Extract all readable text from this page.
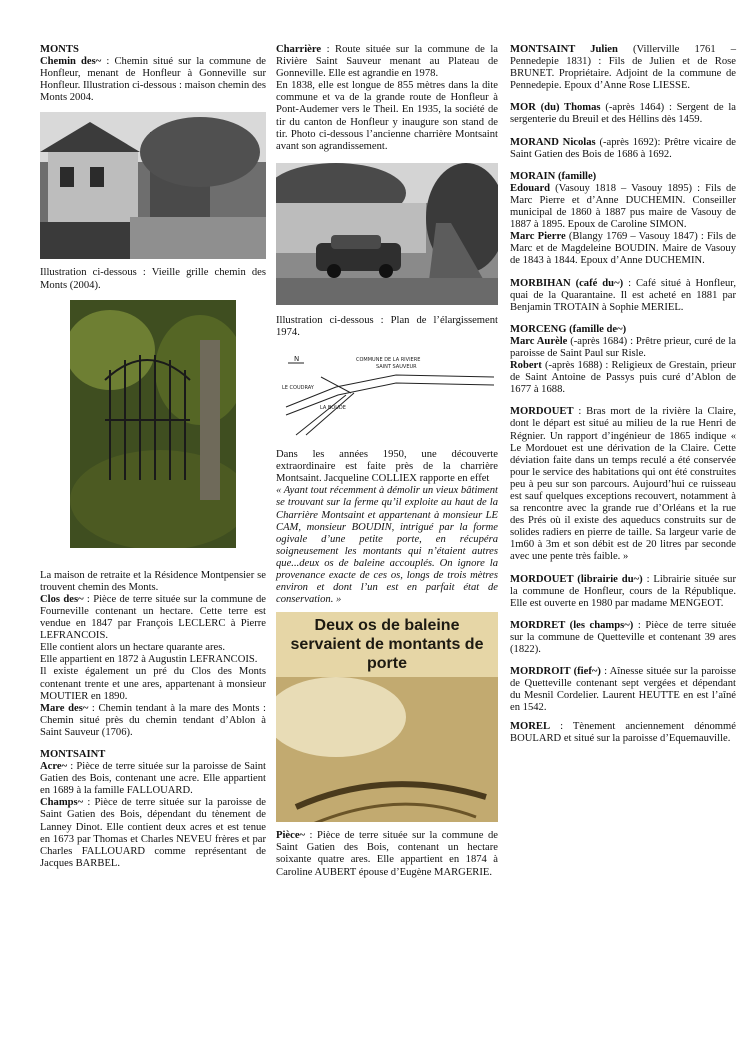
MONTS

Chemin des~ : Chemin situé sur la commune de Honfleur, menant de Honfleur à Gonneville sur Honfleur. Illustration ci-dessous : maison chemin des Monts 2004.

Illustration ci-dessous : Vieille grille chemin des Monts (2004).

La maison de retraite et la Résidence Montpensier se trouvent chemin des Monts.

Clos des~ : Pièce de terre située sur la commune de Fourneville contenant un hectare. Cette terre est vendue en 1847 par François LECLERC à Pierre LEFRANCOIS.

Elle contient alors un hectare quarante ares.

Elle appartient en 1872 à Augustin LEFRANCOIS.

Il existe également un pré du Clos des Monts contenant trente et une ares, appartenant à monsieur MOUTIER en 1890.

Mare des~ : Chemin tendant à la mare des Monts : Chemin situé près du chemin tendant d’Ablon à Saint Sauveur (1706).

MONTSAINT

Acre~ : Pièce de terre située sur la paroisse de Saint Gatien des Bois, contenant une acre. Elle appartient en 1689 à la famille FALLOUARD.

Champs~ : Pièce de terre située sur la paroisse de Saint Gatien des Bois, dépendant du tènement de Lanney Dinot. Elle contient deux acres et est tenue en 1673 par Thomas et Charles NEVEU frères et par Charles FALLOUARD comme représentant de Jacques BARBEL.

Charrière : Route située sur la commune de la Rivière Saint Sauveur menant au Plateau de Gonneville. Elle est agrandie en 1978.

En 1838, elle est longue de 855 mètres dans la dite commune et va de la grande route de Honfleur à Pont-Audemer vers le Theil. En 1935, la société de tir du canton de Honfleur y inaugure son stand de tir. Photo ci-dessous l’ancienne charrière Montsaint avant son agrandissement.

Illustration ci-dessous : Plan de l’élargissement 1974.

N	COMMUNE DE LA RIVIERE
SAINT SAUVEUR
LE COUDRAY
LA BOUDE

Dans les années 1950, une découverte extraordinaire est faite près de la charrière Montsaint. Jacqueline COLLIEX rapporte en effet

« Ayant tout récemment à démolir un vieux bâtiment se trouvant sur la ferme qu’il exploite au haut de la Charrière Montsaint et appartenant à monsieur LE CAM, monsieur BOUDIN, intrigué par la forme ogivale d’une petite porte, en récupéra soigneusement les montants qui n’étaient autres que...deux os de baleine accouplés. On ignore la provenance exacte de ces os, longs de trois mètres environ et dont l’un est en parfait état de conservation. »

Deux os de baleine servaient de montants de porte

Pièce~ : Pièce de terre située sur la commune de Saint Gatien des Bois, contenant un hectare soixante quatre ares. Elle appartient en 1874 à Caroline AUBERT épouse d’Eugène MARGERIE.

MONTSAINT Julien (Villerville 1761 – Pennedepie 1831) : Fils de Julien et de Rose BRUNET. Propriétaire. Adjoint de la commune de Pennedepie. Epoux d’Anne Rose LIESSE.

MOR (du) Thomas (-après 1464) : Sergent de la sergenterie du Breuil et des Héllins dès 1459.

MORAND Nicolas (-après 1692): Prêtre vicaire de Saint Gatien des Bois de 1686 à 1692.

MORAIN (famille)

Edouard (Vasouy 1818 – Vasouy 1895) : Fils de Marc Pierre et d’Anne DUCHEMIN. Conseiller municipal de 1860 à 1887 pus maire de Vasouy de 1887 à 1895. Epoux de Caroline SIMON.

Marc Pierre (Blangy 1769 – Vasouy 1847) : Fils de Marc et de Magdeleine BOUDIN. Maire de Vasouy de 1843 à 1844. Epoux d’Anne DUCHEMIN.

MORBIHAN (café du~) : Café situé à Honfleur, quai de la Quarantaine. Il est acheté en 1881 par Benjamin TROTAIN à Sophie MERIEL.

MORCENG (famille de~)

Marc Aurèle (-après 1684) : Prêtre prieur, curé de la paroisse de Saint Paul sur Risle.

Robert (-après 1688) : Religieux de Grestain, prieur de Saint Antoine de Passys puis curé d’Ablon de 1677 à 1688.

MORDOUET : Bras mort de la rivière la Claire, dont le départ est situé au milieu de la rue Henri de Régnier. Un rapport d’ingénieur de 1865 indique « Le Mordouet est une dérivation de la Claire. Cette déviation faite dans un temps reculé a été conservée pour le service des habitations qui ont été construites peu à peu sur son parcours. Aujourd’hui ce ruisseau est sauf quelques exceptions recouvert, notamment à sa rencontre avec la grande rue d’Orléans et la rue des Prés où il existe des aqueducs construits sur de solides radiers en pierre de taille. Sa largeur varie de 1m60 à 3m et son débit est de 20 litres par seconde avec une pente très faible. »

MORDOUET (librairie du~) : Librairie située sur la commune de Honfleur, cours de la République. Elle est ouverte en 1980 par madame MENGEOT.

MORDRET (les champs~) : Pièce de terre située sur la commune de Quetteville et contenant 39 ares (1822).

MORDROIT (fief~) : Aînesse située sur la paroisse de Quetteville contenant sept vergées et dépendant du Mesnil Cordelier. Laurent HEUTTE en est l’aîné en 1542.

MOREL : Tènement anciennement dénommé BOULARD et situé sur la paroisse d’Equemauville.
